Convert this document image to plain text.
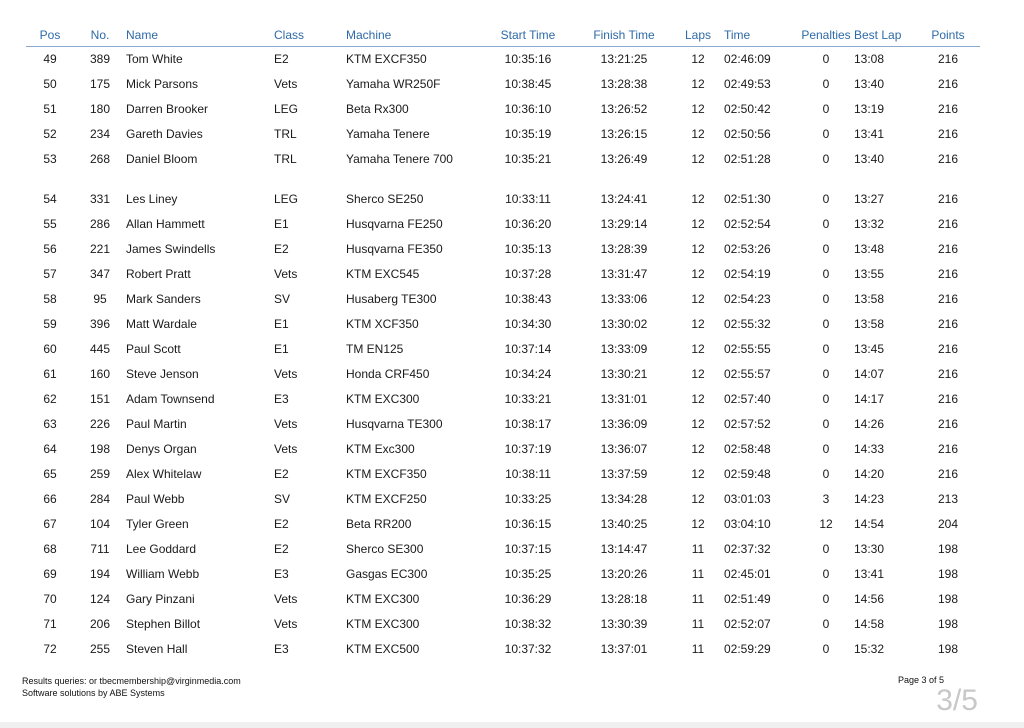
Pos	No.	Name	Class	Machine	Start Time	Finish Time	Laps	Time	Penalties	Best Lap	Points
49	389	Tom White	E2	KTM EXCF350	10:35:16	13:21:25	12	02:46:09	0	13:08	216
50	175	Mick Parsons	Vets	Yamaha WR250F	10:38:45	13:28:38	12	02:49:53	0	13:40	216
51	180	Darren Brooker	LEG	Beta Rx300	10:36:10	13:26:52	12	02:50:42	0	13:19	216
52	234	Gareth Davies	TRL	Yamaha Tenere	10:35:19	13:26:15	12	02:50:56	0	13:41	216
53	268	Daniel Bloom	TRL	Yamaha Tenere 700	10:35:21	13:26:49	12	02:51:28	0	13:40	216
54	331	Les Liney	LEG	Sherco SE250	10:33:11	13:24:41	12	02:51:30	0	13:27	216
55	286	Allan Hammett	E1	Husqvarna FE250	10:36:20	13:29:14	12	02:52:54	0	13:32	216
56	221	James Swindells	E2	Husqvarna FE350	10:35:13	13:28:39	12	02:53:26	0	13:48	216
57	347	Robert Pratt	Vets	KTM EXC545	10:37:28	13:31:47	12	02:54:19	0	13:55	216
58	95	Mark Sanders	SV	Husaberg TE300	10:38:43	13:33:06	12	02:54:23	0	13:58	216
59	396	Matt Wardale	E1	KTM XCF350	10:34:30	13:30:02	12	02:55:32	0	13:58	216
60	445	Paul Scott	E1	TM EN125	10:37:14	13:33:09	12	02:55:55	0	13:45	216
61	160	Steve Jenson	Vets	Honda CRF450	10:34:24	13:30:21	12	02:55:57	0	14:07	216
62	151	Adam Townsend	E3	KTM EXC300	10:33:21	13:31:01	12	02:57:40	0	14:17	216
63	226	Paul Martin	Vets	Husqvarna TE300	10:38:17	13:36:09	12	02:57:52	0	14:26	216
64	198	Denys Organ	Vets	KTM Exc300	10:37:19	13:36:07	12	02:58:48	0	14:33	216
65	259	Alex Whitelaw	E2	KTM EXCF350	10:38:11	13:37:59	12	02:59:48	0	14:20	216
66	284	Paul Webb	SV	KTM EXCF250	10:33:25	13:34:28	12	03:01:03	3	14:23	213
67	104	Tyler Green	E2	Beta RR200	10:36:15	13:40:25	12	03:04:10	12	14:54	204
68	711	Lee Goddard	E2	Sherco SE300	10:37:15	13:14:47	11	02:37:32	0	13:30	198
69	194	William Webb	E3	Gasgas EC300	10:35:25	13:20:26	11	02:45:01	0	13:41	198
70	124	Gary Pinzani	Vets	KTM EXC300	10:36:29	13:28:18	11	02:51:49	0	14:56	198
71	206	Stephen Billot	Vets	KTM EXC300	10:38:32	13:30:39	11	02:52:07	0	14:58	198
72	255	Steven Hall	E3	KTM EXC500	10:37:32	13:37:01	11	02:59:29	0	15:32	198
Results queries: or tbecmembership@virginmedia.com
Software solutions by ABE Systems
Page 3 of 5
3/5
